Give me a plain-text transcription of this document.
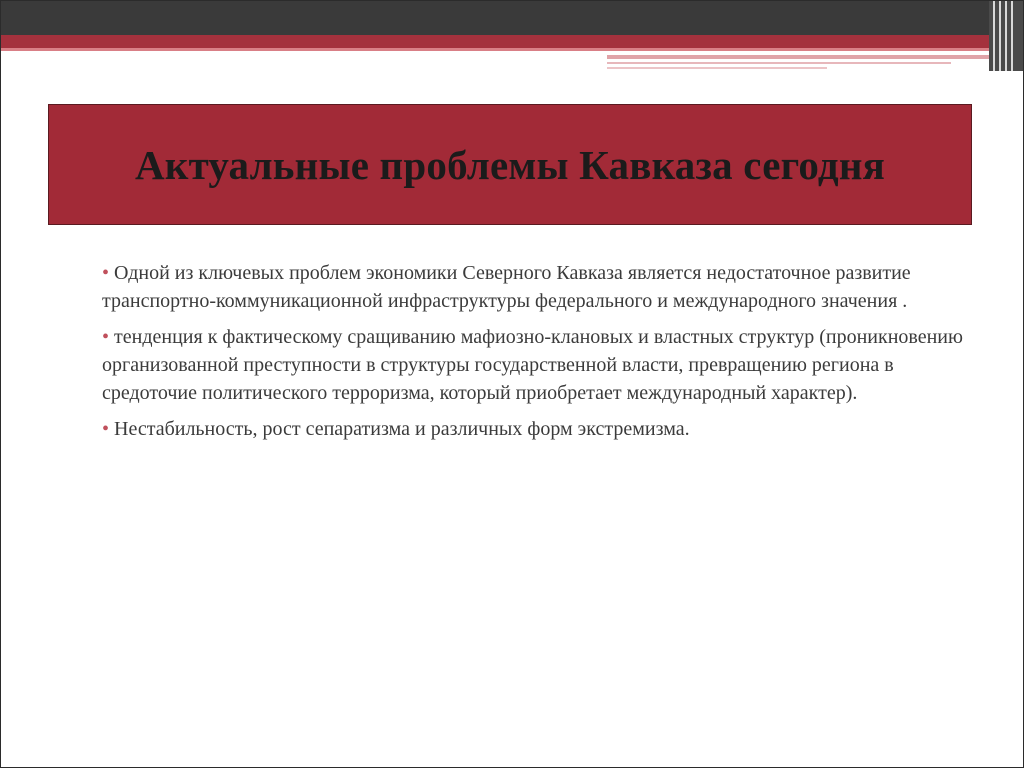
Актуальные проблемы Кавказа сегодня
• Одной из ключевых проблем экономики Северного Кавказа является недостаточное развитие транспортно-коммуникационной инфраструктуры федерального и международного значения .
• тенденция к фактическому сращиванию мафиозно-клановых и властных структур (проникновению организованной преступности в структуры государственной власти, превращению региона в средоточие политического терроризма, который приобретает международный характер).
• Нестабильность, рост сепаратизма и различных форм экстремизма.
